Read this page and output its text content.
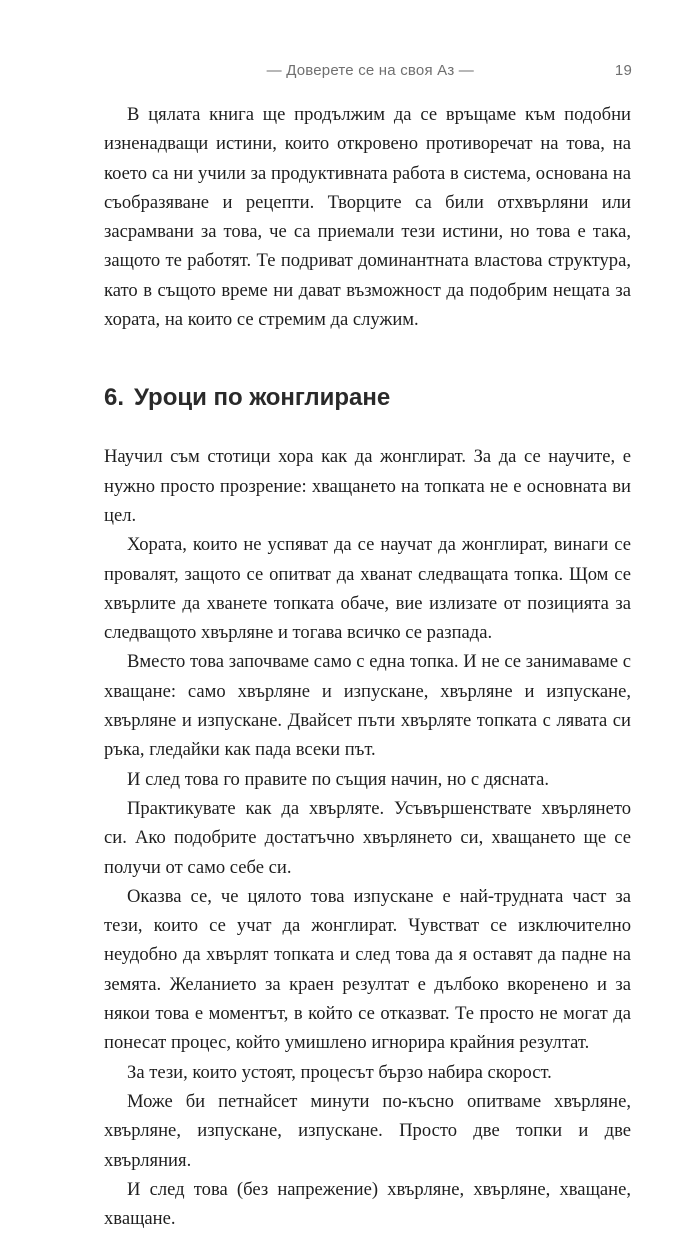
— Доверете се на своя Аз —	19

В цялата книга ще продължим да се връщаме към подобни изненадващи истини, които откровено противоречат на това, на което са ни учили за продуктивната работа в система, основана на съобразяване и рецепти. Творците са били отхвърляни или засрамвани за това, че са приемали тези истини, но това е така, защото те работят. Те подриват доминантната властова структура, като в същото време ни дават възможност да подобрим нещата за хората, на които се стремим да служим.

6. Уроци по жонглиране

Научил съм стотици хора как да жонглират. За да се научите, е нужно просто прозрение: хващането на топката не е основната ви цел.

Хората, които не успяват да се научат да жонглират, винаги се провалят, защото се опитват да хванат следващата топка. Щом се хвърлите да хванете топката обаче, вие излизате от позицията за следващото хвърляне и тогава всичко се разпада.

Вместо това започваме само с една топка. И не се занимаваме с хващане: само хвърляне и изпускане, хвърляне и изпускане, хвърляне и изпускане. Двайсет пъти хвърляте топката с лявата си ръка, гледайки как пада всеки път.

И след това го правите по същия начин, но с дясната.

Практикувате как да хвърляте. Усъвършенствате хвърлянето си. Ако подобрите достатъчно хвърлянето си, хващането ще се получи от само себе си.

Оказва се, че цялото това изпускане е най-трудната част за тези, които се учат да жонглират. Чувстват се изключително неудобно да хвърлят топката и след това да я оставят да падне на земята. Желанието за краен резултат е дълбоко вкоренено и за някои това е моментът, в който се отказват. Те просто не могат да понесат процес, който умишлено игнорира крайния резултат.

За тези, които устоят, процесът бързо набира скорост.

Може би петнайсет минути по-късно опитваме хвърляне, хвърляне, изпускане, изпускане. Просто две топки и две хвърляния.

И след това (без напрежение) хвърляне, хвърляне, хващане, хващане.
